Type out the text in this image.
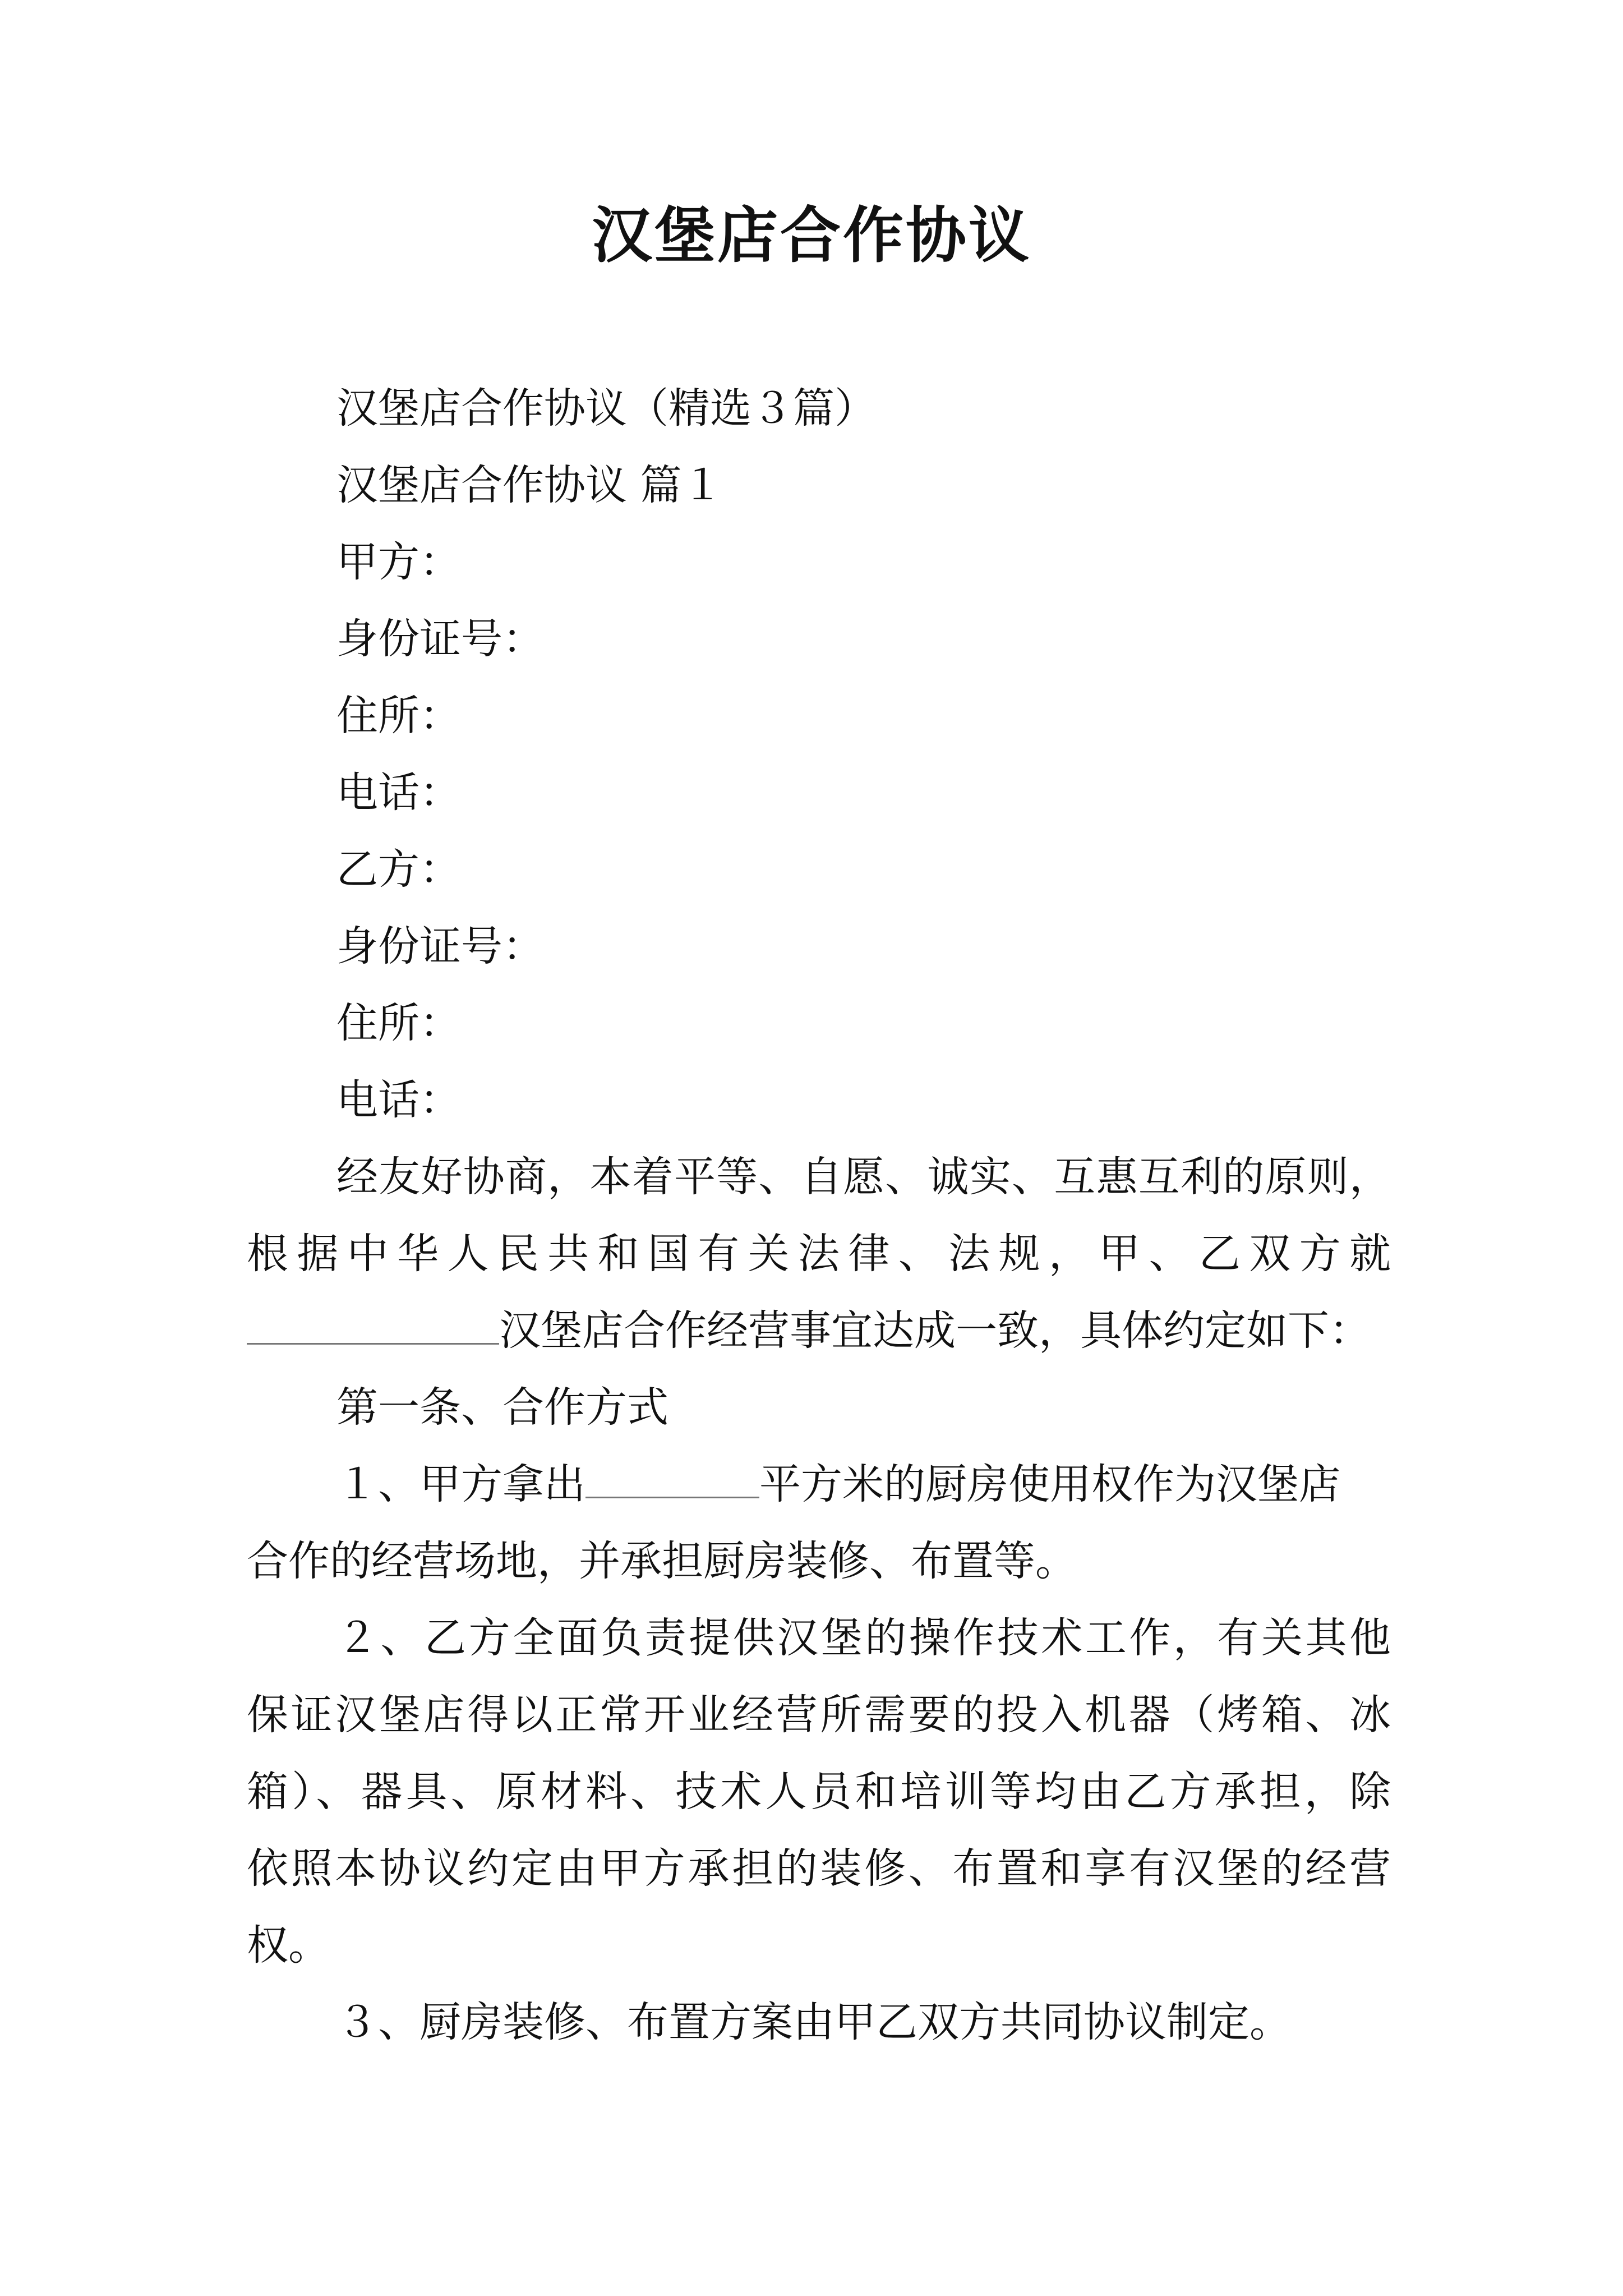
汉堡店合作协议
汉堡店合作协议（精选３篇）
汉堡店合作协议 篇１
甲方：
身份证号：
住所：
电话：
乙方：
身份证号：
住所：
电话：
经友好协商，本着平等、自愿、诚实、互惠互利的原则，
根据中华人民共和国有关法律、法规，甲、乙双方就
汉堡店合作经营事宜达成一致，具体约定如下：
第一条、合作方式
１、甲方拿出	平方米的厨房使用权作为汉堡店
合作的经营场地，并承担厨房装修、布置等。
２、乙方全面负责提供汉堡的操作技术工作，有关其他
保证汉堡店得以正常开业经营所需要的投入机器（烤箱、冰
箱）、器具、原材料、技术人员和培训等均由乙方承担，除
依照本协议约定由甲方承担的装修、布置和享有汉堡的经营
权。
３、厨房装修、布置方案由甲乙双方共同协议制定。
